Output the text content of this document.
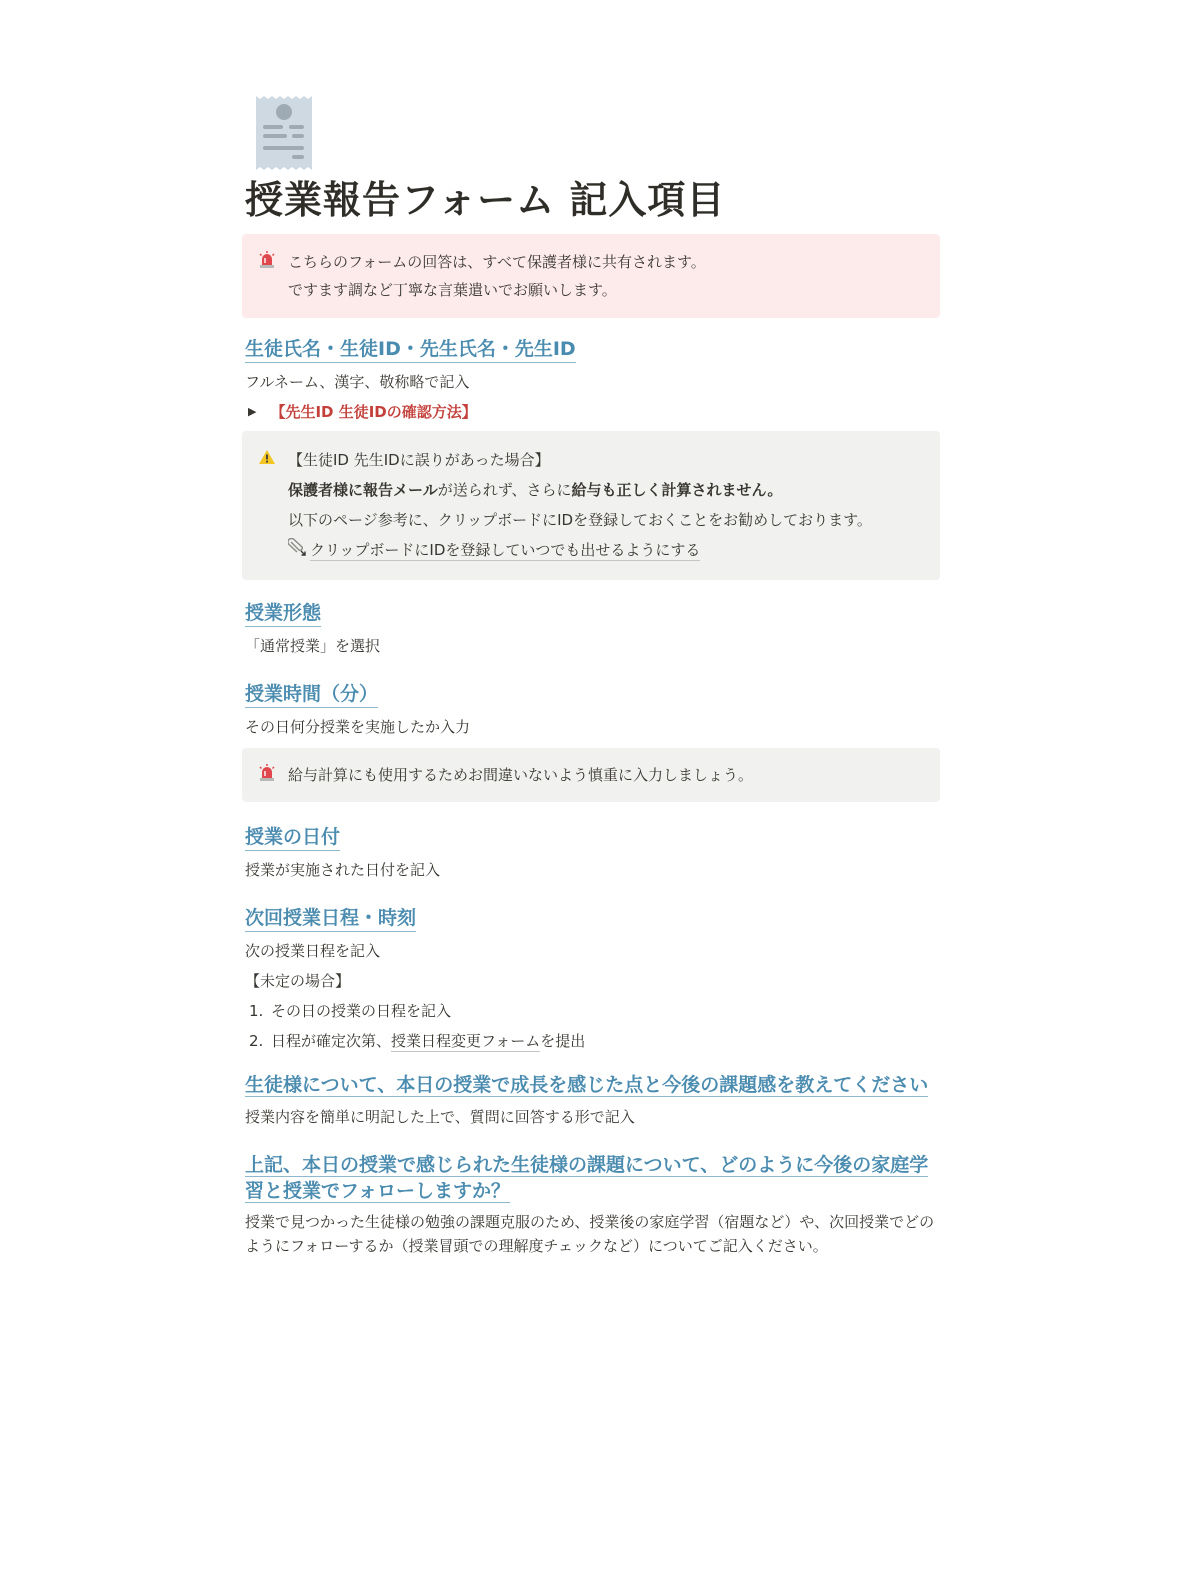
授業報告フォーム 記入項目
こちらのフォームの回答は、すべて保護者様に共有されます。
ですます調など丁寧な言葉遣いでお願いします。
生徒氏名・生徒ID・先生氏名・先生ID
フルネーム、漢字、敬称略で記入
▶ 【先生ID 生徒IDの確認方法】
【生徒ID 先生IDに誤りがあった場合】
保護者様に報告メールが送られず、さらに給与も正しく計算されません。
以下のページ参考に、クリップボードにIDを登録しておくことをお勧めしております。
クリップボードにIDを登録していつでも出せるようにする
授業形態
「通常授業」を選択
授業時間（分）
その日何分授業を実施したか入力
給与計算にも使用するためお間違いないよう慎重に入力しましょう。
授業の日付
授業が実施された日付を記入
次回授業日程・時刻
次の授業日程を記入
【未定の場合】
1. その日の授業の日程を記入
2. 日程が確定次第、授業日程変更フォームを提出
生徒様について、本日の授業で成長を感じた点と今後の課題感を教えてください
授業内容を簡単に明記した上で、質問に回答する形で記入
上記、本日の授業で感じられた生徒様の課題について、どのように今後の家庭学習と授業でフォローしますか？
授業で見つかった生徒様の勉強の課題克服のため、授業後の家庭学習（宿題など）や、次回授業でどのようにフォローするか（授業冒頭での理解度チェックなど）についてご記入ください。
